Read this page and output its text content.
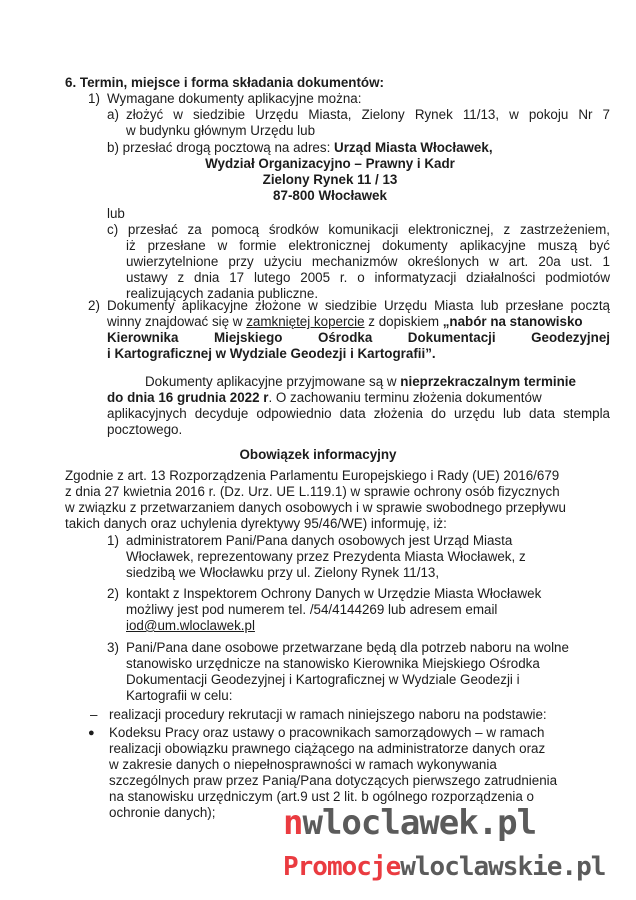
6. Termin, miejsce i forma składania dokumentów:
1) Wymagane dokumenty aplikacyjne można:
a) złożyć w siedzibie Urzędu Miasta, Zielony Rynek 11/13, w pokoju Nr 7
w budynku głównym Urzędu lub
b) przesłać drogą pocztową na adres: Urząd Miasta Włocławek,
Wydział Organizacyjno – Prawny i Kadr
Zielony Rynek 11 / 13
87-800 Włocławek
lub
c) przesłać za pomocą środków komunikacji elektronicznej, z zastrzeżeniem,
iż przesłane w formie elektronicznej dokumenty aplikacyjne muszą być
uwierzytelnione przy użyciu mechanizmów określonych w art. 20a ust. 1
ustawy z dnia 17 lutego 2005 r. o informatyzacji działalności podmiotów
realizujących zadania publiczne.
2) Dokumenty aplikacyjne złożone w siedzibie Urzędu Miasta lub przesłane pocztą
winny znajdować się w zamkniętej kopercie z dopiskiem „nabór na stanowisko
Kierownika Miejskiego Ośrodka Dokumentacji Geodezyjnej
i Kartograficznej w Wydziale Geodezji i Kartografii”.
Dokumenty aplikacyjne przyjmowane są w nieprzekraczalnym terminie
do dnia 16 grudnia 2022 r. O zachowaniu terminu złożenia dokumentów
aplikacyjnych decyduje odpowiednio data złożenia do urzędu lub data stempla
pocztowego.
Obowiązek informacyjny
Zgodnie z art. 13 Rozporządzenia Parlamentu Europejskiego i Rady (UE) 2016/679
z dnia 27 kwietnia 2016 r. (Dz. Urz. UE L.119.1) w sprawie ochrony osób fizycznych
w związku z przetwarzaniem danych osobowych i w sprawie swobodnego przepływu
takich danych oraz uchylenia dyrektywy 95/46/WE) informuję, iż:
1) administratorem Pani/Pana danych osobowych jest Urząd Miasta
Włocławek, reprezentowany przez Prezydenta Miasta Włocławek, z
siedzibą we Włocławku przy ul. Zielony Rynek 11/13,
2) kontakt z Inspektorem Ochrony Danych w Urzędzie Miasta Włocławek
możliwy jest pod numerem tel. /54/4144269 lub adresem email
iod@um.wloclawek.pl
3) Pani/Pana dane osobowe przetwarzane będą dla potrzeb naboru na wolne
stanowisko urzędnicze na stanowisko Kierownika Miejskiego Ośrodka
Dokumentacji Geodezyjnej i Kartograficznej w Wydziale Geodezji i
Kartografii w celu:
– realizacji procedury rekrutacji w ramach niniejszego naboru na podstawie:
● Kodeksu Pracy oraz ustawy o pracownikach samorządowych – w ramach
realizacji obowiązku prawnego ciążącego na administratorze danych oraz
w zakresie danych o niepełnosprawności w ramach wykonywania
szczególnych praw przez Panią/Pana dotyczących pierwszego zatrudnienia
na stanowisku urzędniczym (art.9 ust 2 lit. b ogólnego rozporządzenia o
ochronie danych); nwloclawek.pl
Promocjewloclawskie.pl
